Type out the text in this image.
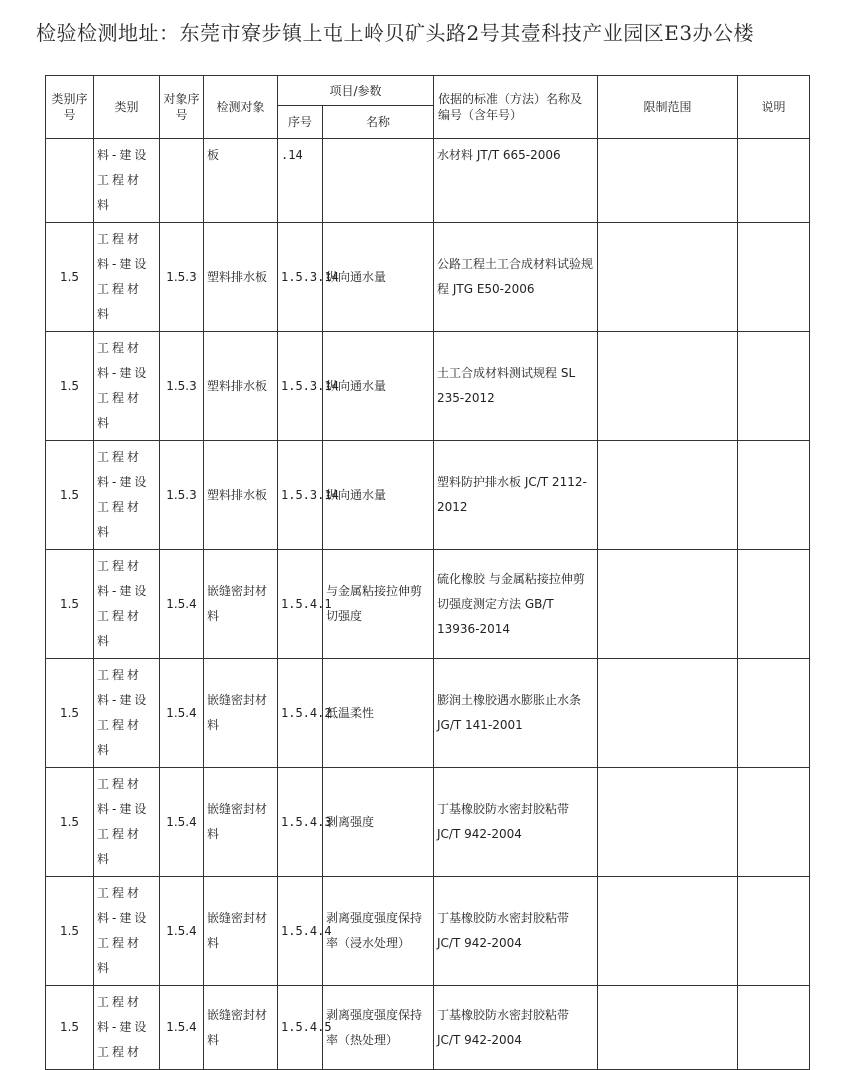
检验检测地址：东莞市寮步镇上屯上岭贝矿头路2号其壹科技产业园区E3办公楼
类别序号	类别	对象序号	检测对象	项目/参数		依据的标准（方法）名称及编号（含年号）	限制范围	说明
				序号	名称			
	料-建设工程材料		板	.14		水材料 JT/T 665-2006		
1.5	工程材料-建设工程材料	1.5.3	塑料排水板	1.5.3.14	纵向通水量	公路工程土工合成材料试验规程 JTG E50-2006		
1.5	工程材料-建设工程材料	1.5.3	塑料排水板	1.5.3.14	纵向通水量	土工合成材料测试规程 SL 235-2012		
1.5	工程材料-建设工程材料	1.5.3	塑料排水板	1.5.3.14	纵向通水量	塑料防护排水板 JC/T 2112-2012		
1.5	工程材料-建设工程材料	1.5.4	嵌缝密封材料	1.5.4.1	与金属粘接拉伸剪切强度	硫化橡胶 与金属粘接拉伸剪切强度测定方法 GB/T 13936-2014		
1.5	工程材料-建设工程材料	1.5.4	嵌缝密封材料	1.5.4.2	低温柔性	膨润土橡胶遇水膨胀止水条 JG/T 141-2001		
1.5	工程材料-建设工程材料	1.5.4	嵌缝密封材料	1.5.4.3	剥离强度	丁基橡胶防水密封胶粘带 JC/T 942-2004		
1.5	工程材料-建设工程材料	1.5.4	嵌缝密封材料	1.5.4.4	剥离强度强度保持率（浸水处理）	丁基橡胶防水密封胶粘带 JC/T 942-2004		
1.5	工程材料-建设工程材	1.5.4	嵌缝密封材料	1.5.4.5	剥离强度强度保持率（热处理）	丁基橡胶防水密封胶粘带 JC/T 942-2004		
